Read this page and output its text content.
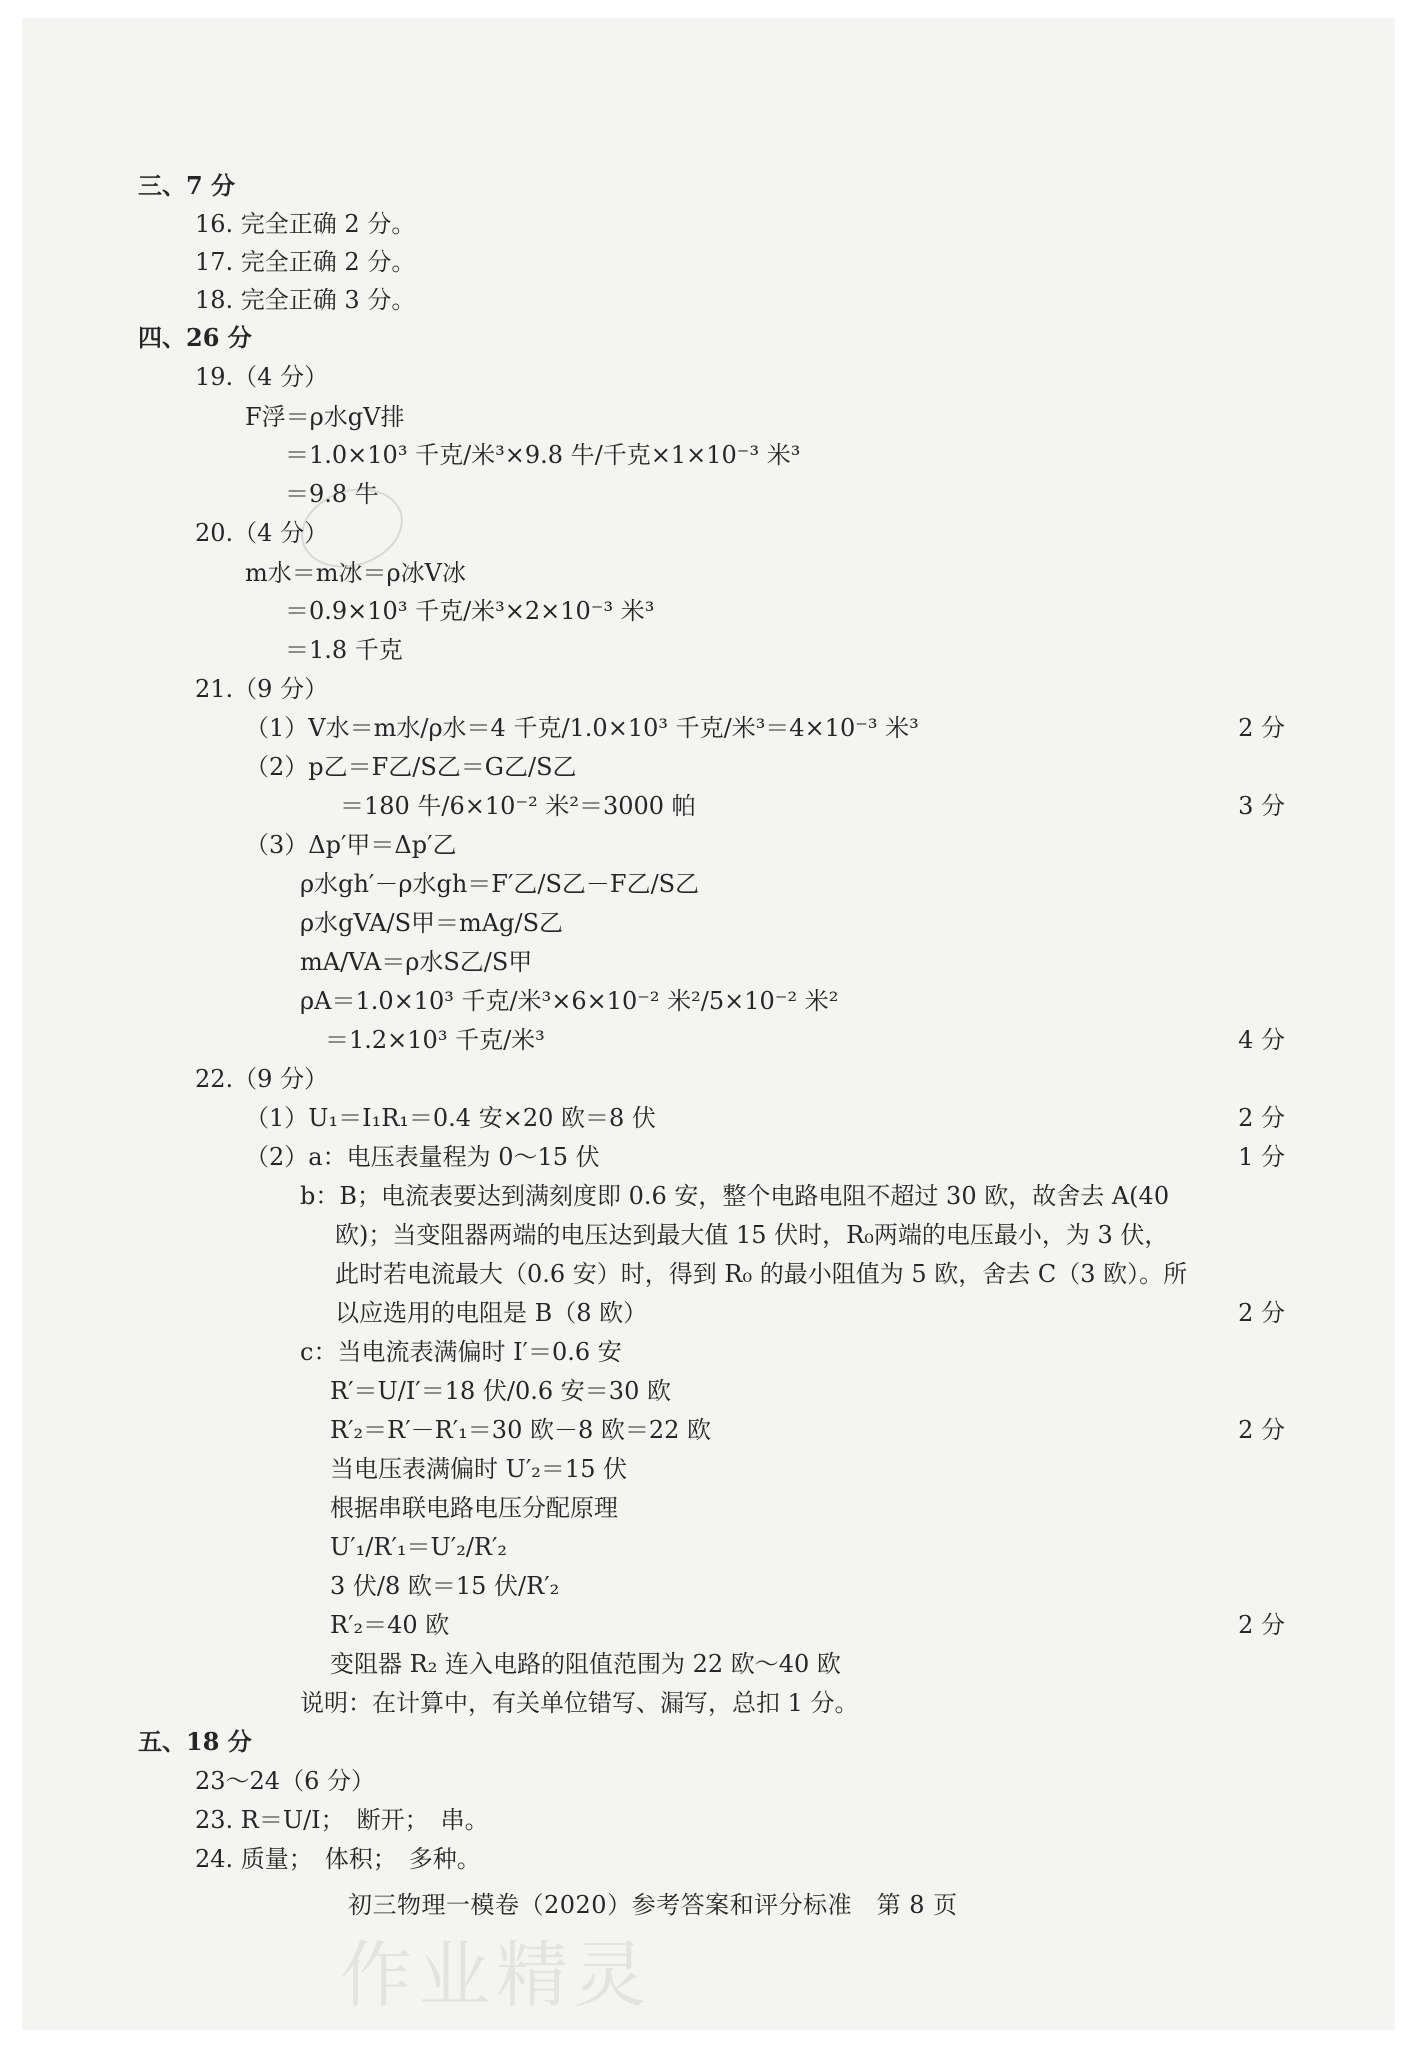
三、7 分
16. 完全正确 2 分。
17. 完全正确 2 分。
18. 完全正确 3 分。
四、26 分
19.（4 分）
F浮＝ρ水gV排
＝1.0×10³ 千克/米³×9.8 牛/千克×1×10⁻³ 米³
＝9.8 牛
20.（4 分）
m水＝m冰＝ρ冰V冰
＝0.9×10³ 千克/米³×2×10⁻³ 米³
＝1.8 千克
21.（9 分）
（1）V水＝m水/ρ水＝4 千克/1.0×10³ 千克/米³＝4×10⁻³ 米³	2 分
（2）p乙＝F乙/S乙＝G乙/S乙
＝180 牛/6×10⁻² 米²＝3000 帕	3 分
（3）Δp′甲＝Δp′乙
ρ水gh′－ρ水gh＝F′乙/S乙－F乙/S乙
ρ水gVA/S甲＝mAg/S乙
mA/VA＝ρ水S乙/S甲
ρA＝1.0×10³ 千克/米³×6×10⁻² 米²/5×10⁻² 米²
＝1.2×10³ 千克/米³	4 分
22.（9 分）
（1）U₁＝I₁R₁＝0.4 安×20 欧＝8 伏	2 分
（2）a：电压表量程为 0～15 伏	1 分
b：B；电流表要达到满刻度即 0.6 安，整个电路电阻不超过 30 欧，故舍去 A(40
欧)；当变阻器两端的电压达到最大值 15 伏时，R₀两端的电压最小，为 3 伏，
此时若电流最大（0.6 安）时，得到 R₀ 的最小阻值为 5 欧，舍去 C（3 欧）。所
以应选用的电阻是 B（8 欧）	2 分
c：当电流表满偏时 I′＝0.6 安
R′＝U/I′＝18 伏/0.6 安＝30 欧
R′₂＝R′－R′₁＝30 欧－8 欧＝22 欧	2 分
当电压表满偏时 U′₂＝15 伏
根据串联电路电压分配原理
U′₁/R′₁＝U′₂/R′₂
3 伏/8 欧＝15 伏/R′₂
R′₂＝40 欧	2 分
变阻器 R₂ 连入电路的阻值范围为 22 欧～40 欧
说明：在计算中，有关单位错写、漏写，总扣 1 分。
五、18 分
23～24（6 分）
23. R＝U/I；　断开；　串。
24. 质量；　体积；　多种。
初三物理一模卷（2020）参考答案和评分标准　第 8 页
作业精灵
